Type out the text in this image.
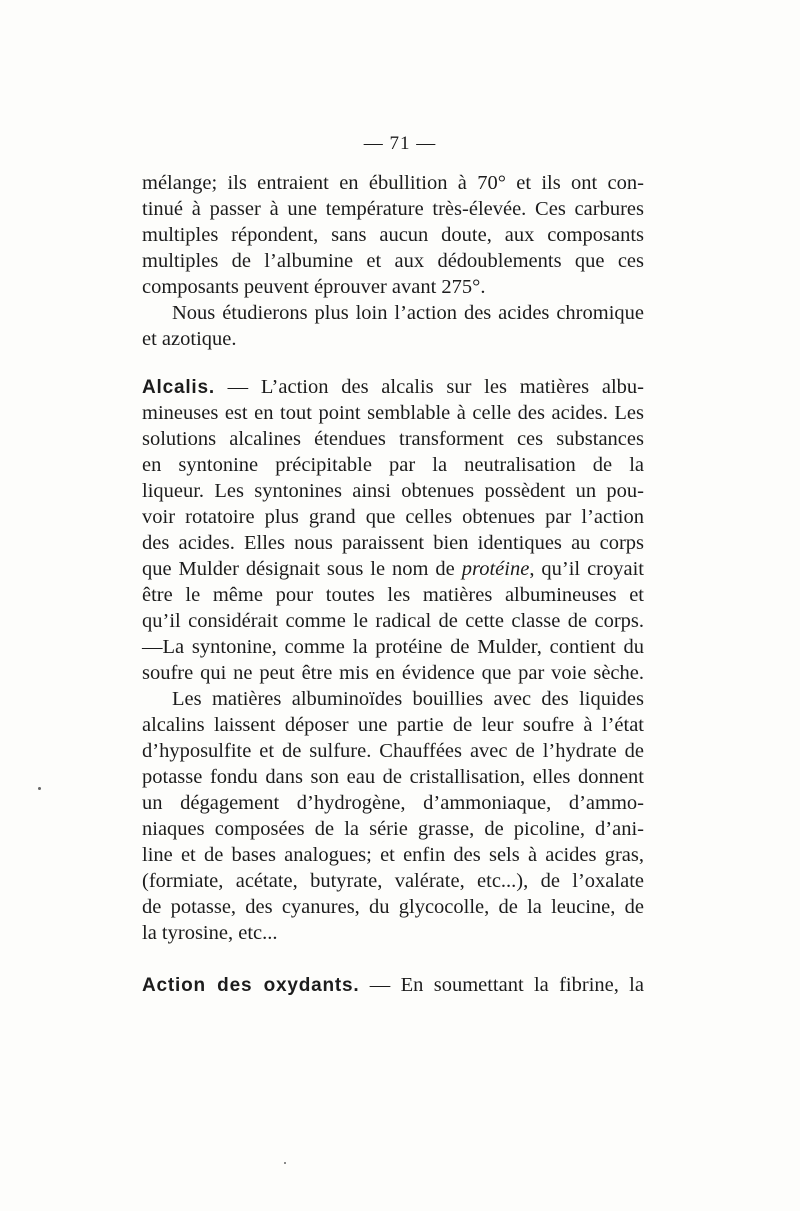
— 71 —
mélange; ils entraient en ébullition à 70° et ils ont con-
tinué à passer à une température très-élevée. Ces carbures
multiples répondent, sans aucun doute, aux composants
multiples de l’albumine et aux dédoublements que ces
composants peuvent éprouver avant 275°.
Nous étudierons plus loin l’action des acides chromique
et azotique.
Alcalis. — L’action des alcalis sur les matières albu-
mineuses est en tout point semblable à celle des acides. Les
solutions alcalines étendues transforment ces substances
en syntonine précipitable par la neutralisation de la
liqueur. Les syntonines ainsi obtenues possèdent un pou-
voir rotatoire plus grand que celles obtenues par l’action
des acides. Elles nous paraissent bien identiques au corps
que Mulder désignait sous le nom de protéine, qu’il croyait
être le même pour toutes les matières albumineuses et
qu’il considérait comme le radical de cette classe de corps.
—La syntonine, comme la protéine de Mulder, contient du
soufre qui ne peut être mis en évidence que par voie sèche.
Les matières albuminoïdes bouillies avec des liquides
alcalins laissent déposer une partie de leur soufre à l’état
d’hyposulfite et de sulfure. Chauffées avec de l’hydrate de
potasse fondu dans son eau de cristallisation, elles donnent
un dégagement d’hydrogène, d’ammoniaque, d’ammo-
niaques composées de la série grasse, de picoline, d’ani-
line et de bases analogues; et enfin des sels à acides gras,
(formiate, acétate, butyrate, valérate, etc...), de l’oxalate
de potasse, des cyanures, du glycocolle, de la leucine, de
la tyrosine, etc...
Action des oxydants. — En soumettant la fibrine, la
